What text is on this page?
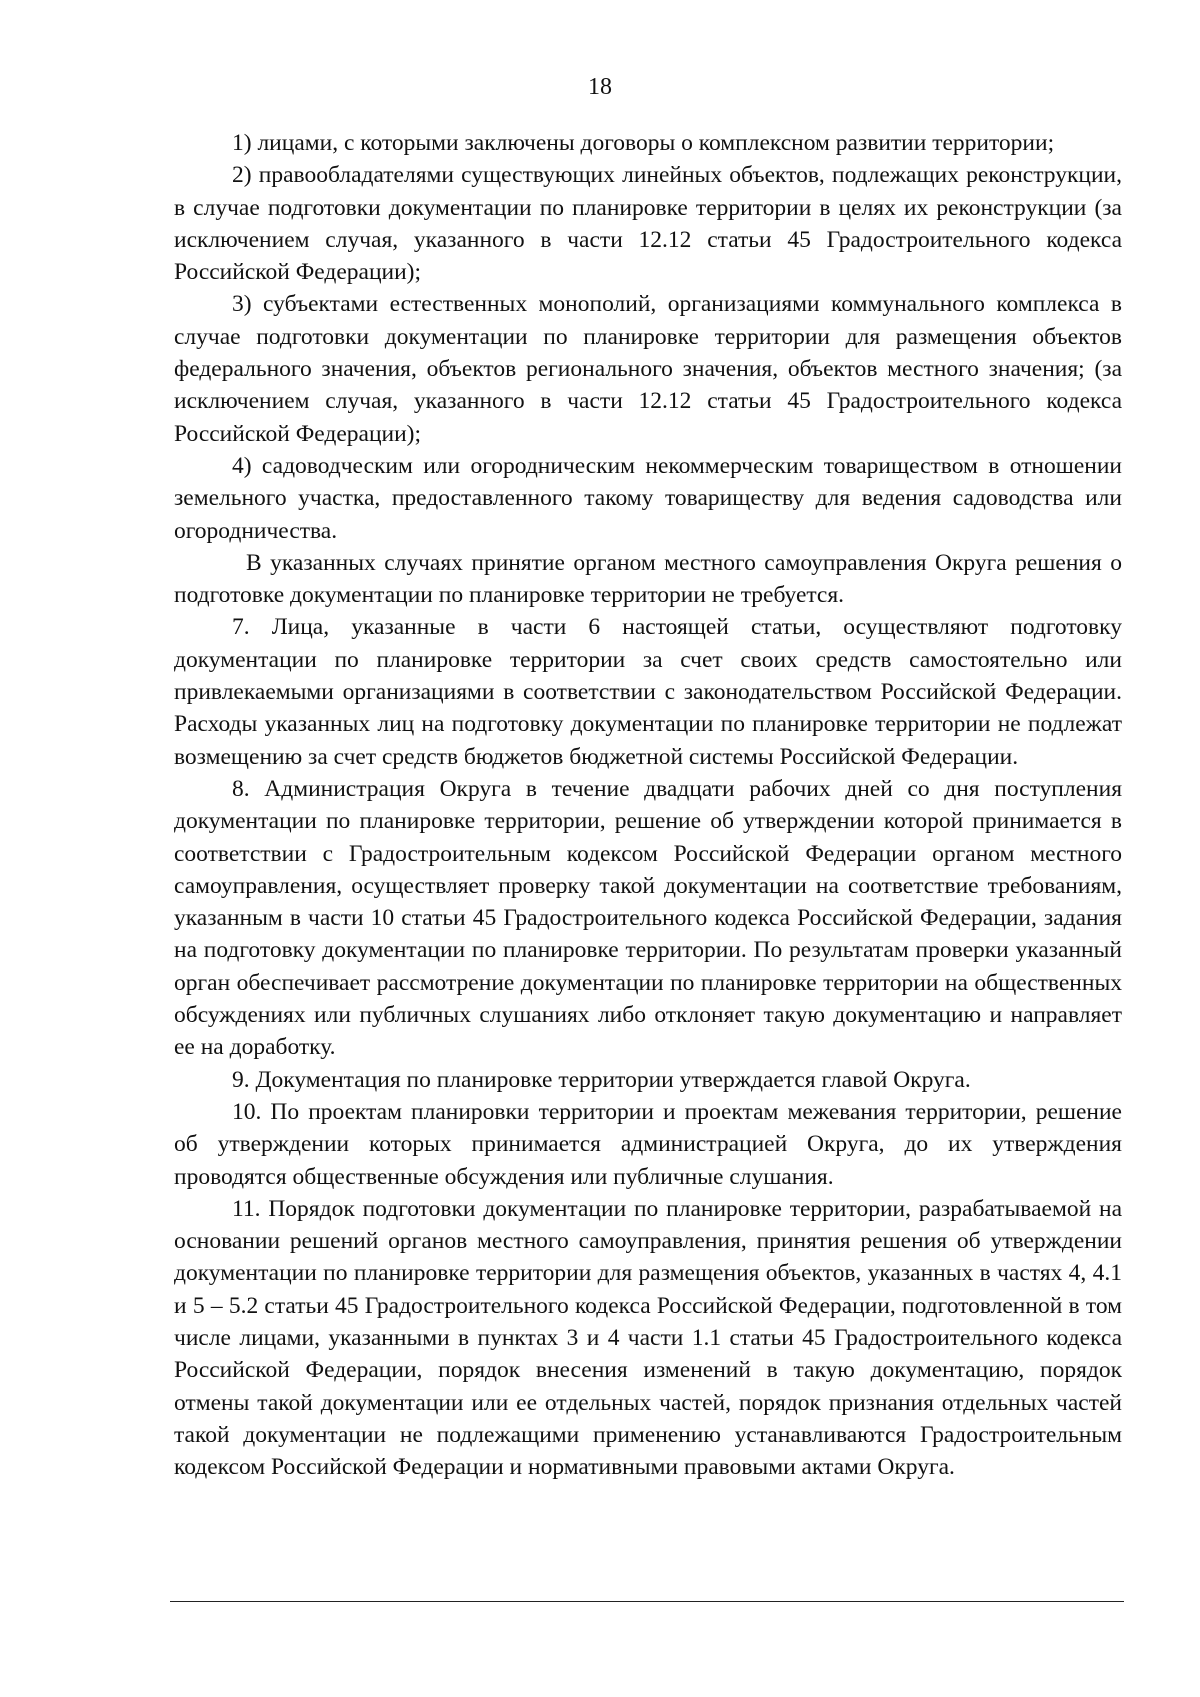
18

1) лицами, с которыми заключены договоры о комплексном развитии территории;

2) правообладателями существующих линейных объектов, подлежащих реконструкции, в случае подготовки документации по планировке территории в целях их реконструкции (за исключением случая, указанного в части 12.12 статьи 45 Градостроительного кодекса Российской Федерации);

3) субъектами естественных монополий, организациями коммунального комплекса в случае подготовки документации по планировке территории для размещения объектов федерального значения, объектов регионального значения, объектов местного значения; (за исключением случая, указанного в части 12.12 статьи 45 Градостроительного кодекса Российской Федерации);

4) садоводческим или огородническим некоммерческим товариществом в отношении земельного участка, предоставленного такому товариществу для ведения садоводства или огородничества.

В указанных случаях принятие органом местного самоуправления Округа решения о подготовке документации по планировке территории не требуется.

7. Лица, указанные в части 6 настоящей статьи, осуществляют подготовку документации по планировке территории за счет своих средств самостоятельно или привлекаемыми организациями в соответствии с законодательством Российской Федерации. Расходы указанных лиц на подготовку документации по планировке территории не подлежат возмещению за счет средств бюджетов бюджетной системы Российской Федерации.

8. Администрация Округа в течение двадцати рабочих дней со дня поступления документации по планировке территории, решение об утверждении которой принимается в соответствии с Градостроительным кодексом Российской Федерации органом местного самоуправления, осуществляет проверку такой документации на соответствие требованиям, указанным в части 10 статьи 45 Градостроительного кодекса Российской Федерации, задания на подготовку документации по планировке территории. По результатам проверки указанный орган обеспечивает рассмотрение документации по планировке территории на общественных обсуждениях или публичных слушаниях либо отклоняет такую документацию и направляет ее на доработку.

9. Документация по планировке территории утверждается главой Округа.

10. По проектам планировки территории и проектам межевания территории, решение об утверждении которых принимается администрацией Округа, до их утверждения проводятся общественные обсуждения или публичные слушания.

11. Порядок подготовки документации по планировке территории, разрабатываемой на основании решений органов местного самоуправления, принятия решения об утверждении документации по планировке территории для размещения объектов, указанных в частях 4, 4.1 и 5 – 5.2 статьи 45 Градостроительного кодекса Российской Федерации, подготовленной в том числе лицами, указанными в пунктах 3 и 4 части 1.1 статьи 45 Градостроительного кодекса Российской Федерации, порядок внесения изменений в такую документацию, порядок отмены такой документации или ее отдельных частей, порядок признания отдельных частей такой документации не подлежащими применению устанавливаются Градостроительным кодексом Российской Федерации и нормативными правовыми актами Округа.
